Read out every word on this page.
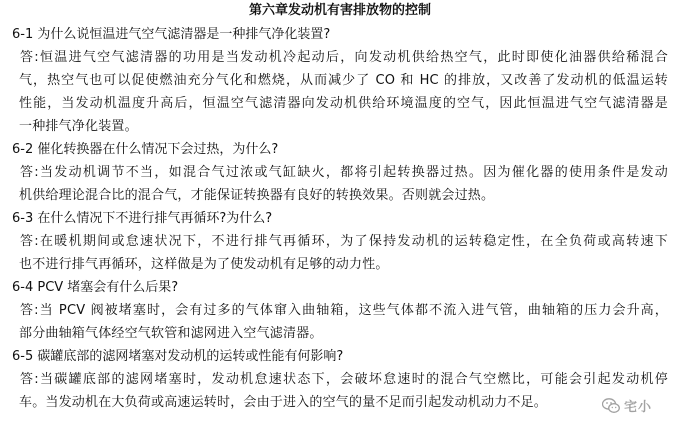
第六章发动机有害排放物的控制

6-1 为什么说恒温进气空气滤清器是一种排气净化装置?

答:恒温进气空气滤清器的功用是当发动机冷起动后，向发动机供给热空气，此时即使化油器供给稀混合
气，热空气也可以促使燃油充分气化和燃烧，从而减少了 CO 和 HC 的排放，又改善了发动机的低温运转
性能，当发动机温度升高后，恒温空气滤清器向发动机供给环境温度的空气，因此恒温进气空气滤清器是
一种排气净化装置。

6-2 催化转换器在什么情况下会过热，为什么?

答:当发动机调节不当，如混合气过浓或气缸缺火，都将引起转换器过热。因为催化器的使用条件是发动
机供给理论混合比的混合气，才能保证转换器有良好的转换效果。否则就会过热。

6-3 在什么情况下不进行排气再循环?为什么?

答:在暖机期间或怠速状况下，不进行排气再循环，为了保持发动机的运转稳定性，在全负荷或高转速下
也不进行排气再循环，这样做是为了使发动机有足够的动力性。

6-4 PCV 堵塞会有什么后果?

答:当 PCV 阀被堵塞时，会有过多的气体窜入曲轴箱，这些气体都不流入进气管，曲轴箱的压力会升高，
部分曲轴箱气体经空气软管和滤网进入空气滤清器。

6-5 碳罐底部的滤网堵塞对发动机的运转或性能有何影响?

答:当碳罐底部的滤网堵塞时，发动机怠速状态下，会破坏怠速时的混合气空燃比，可能会引起发动机停
车。当发动机在大负荷或高速运转时，会由于进入的空气的量不足而引起发动机动力不足。	宅小
